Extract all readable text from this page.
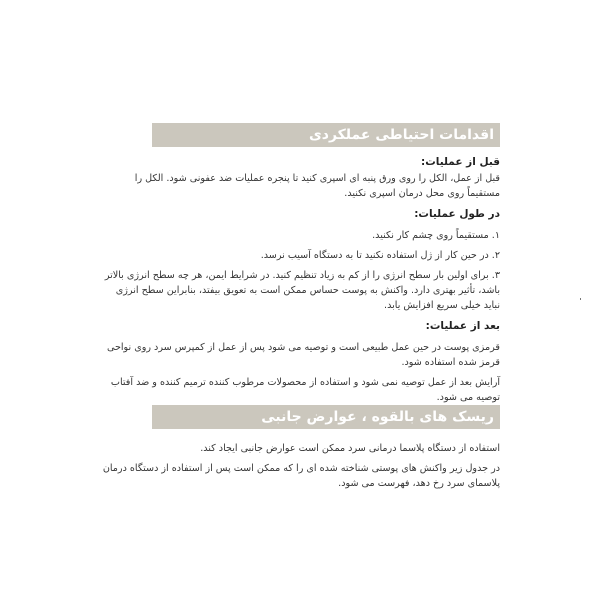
اقدامات احتیاطی عملکردی

قبل از عملیات:

قبل از عمل، الکل را روی ورق پنبه ای اسپری کنید تا پنجره عملیات ضد عفونی شود. الکل را مستقیماً روی محل درمان اسپری نکنید.

در طول عملیات:

۱. مستقیماً روی چشم کار نکنید.

۲. در حین کار از ژل استفاده نکنید تا به دستگاه آسیب نرسد.

۳. برای اولین بار سطح انرژی را از کم به زیاد تنظیم کنید. در شرایط ایمن، هر چه سطح انرژی بالاتر باشد، تأثیر بهتری دارد. واکنش به پوست حساس ممکن است به تعویق بیفتد، بنابراین سطح انرژی نباید خیلی سریع افزایش یابد.

بعد از عملیات:

قرمزی پوست در حین عمل طبیعی است و توصیه می شود پس از عمل از کمپرس سرد روی نواحی قرمز شده استفاده شود.

آرایش بعد از عمل توصیه نمی شود و استفاده از محصولات مرطوب کننده ترمیم کننده و ضد آفتاب توصیه می شود.

ریسک های بالقوه ، عوارض جانبی

استفاده از دستگاه پلاسما درمانی سرد ممکن است عوارض جانبی ایجاد کند.

در جدول زیر واکنش های پوستی شناخته شده ای را که ممکن است پس از استفاده از دستگاه درمان پلاسمای سرد رخ دهد، فهرست می شود.
